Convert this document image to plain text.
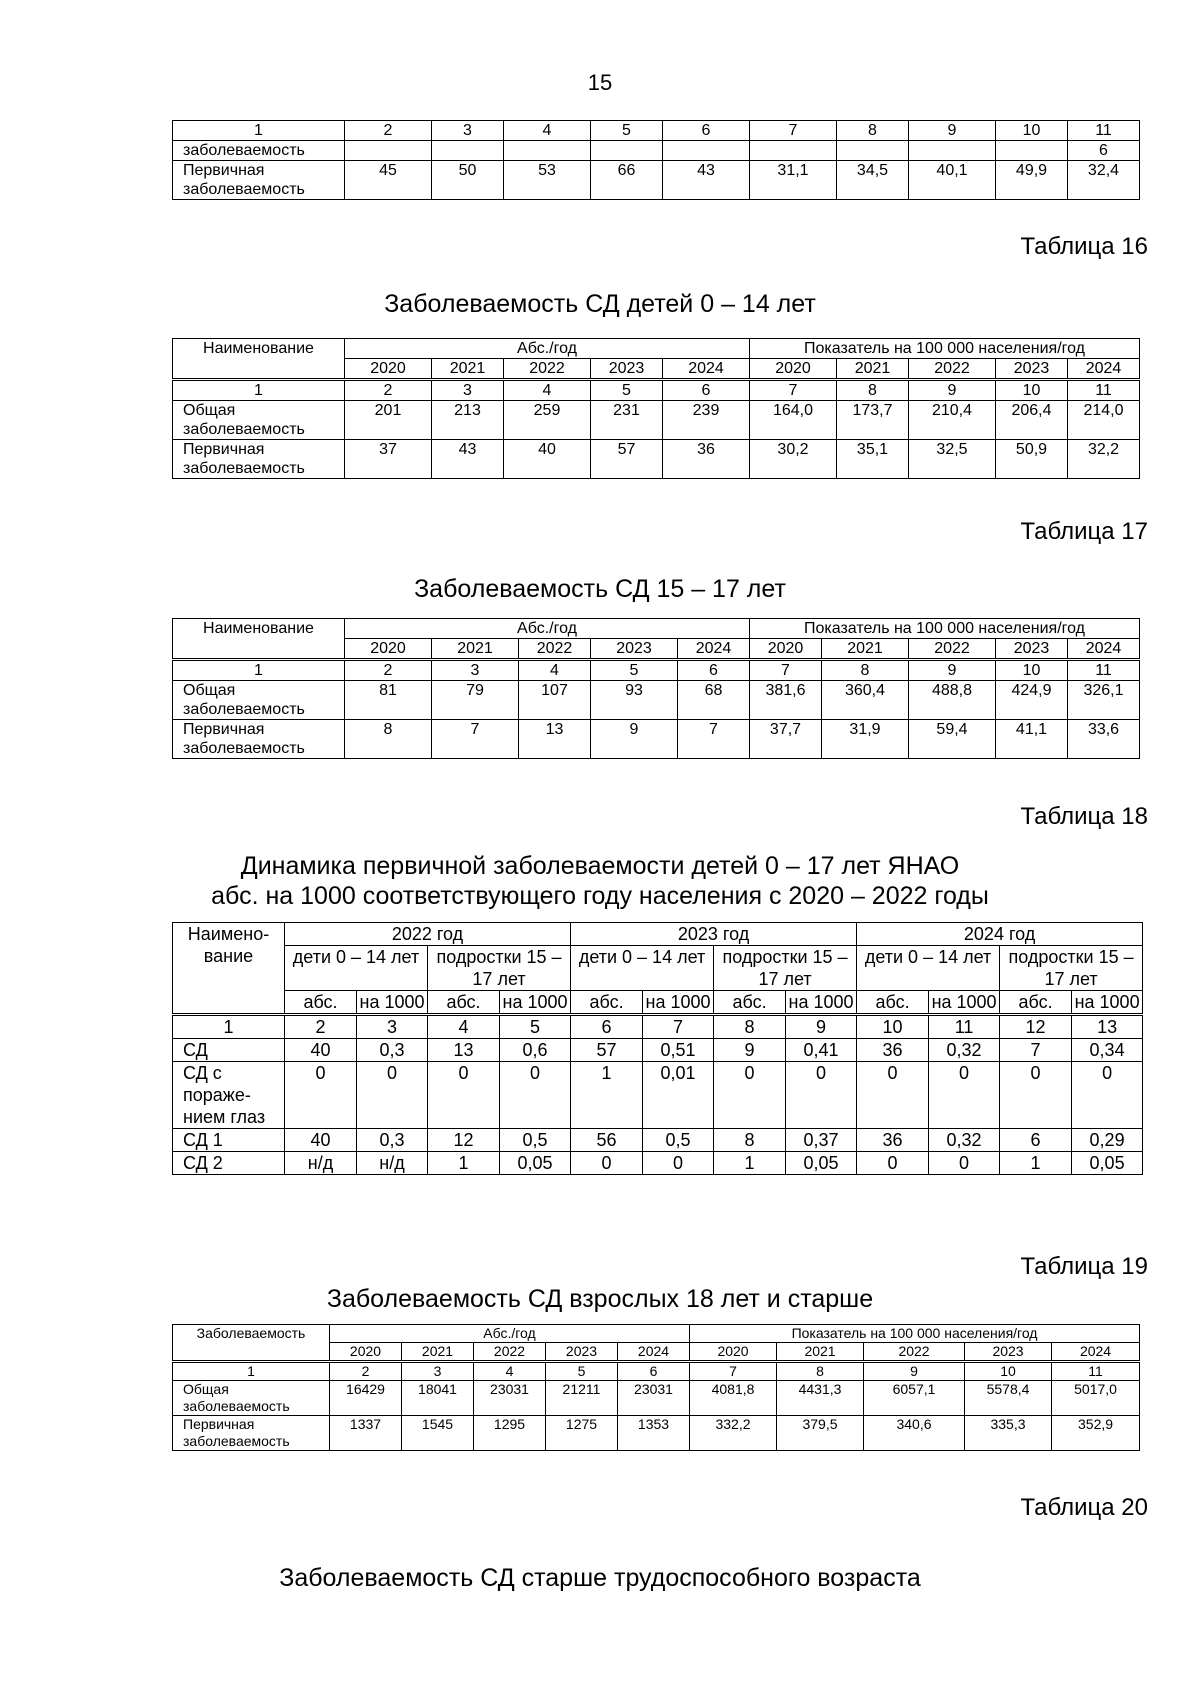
15
1	2	3	4	5	6	7	8	9	10	11
заболеваемость										6
Первичная заболеваемость	45	50	53	66	43	31,1	34,5	40,1	49,9	32,4
Таблица 16
Заболеваемость СД детей 0 – 14 лет
Наименование	Абс./год					Показатель на 100 000 населения/год				
	2020	2021	2022	2023	2024	2020	2021	2022	2023	2024
1	2	3	4	5	6	7	8	9	10	11
Общая заболеваемость	201	213	259	231	239	164,0	173,7	210,4	206,4	214,0
Первичная заболеваемость	37	43	40	57	36	30,2	35,1	32,5	50,9	32,2
Таблица 17
Заболеваемость СД 15 – 17 лет
Наименование	Абс./год					Показатель на 100 000 населения/год				
	2020	2021	2022	2023	2024	2020	2021	2022	2023	2024
1	2	3	4	5	6	7	8	9	10	11
Общая заболеваемость	81	79	107	93	68	381,6	360,4	488,8	424,9	326,1
Первичная заболеваемость	8	7	13	9	7	37,7	31,9	59,4	41,1	33,6
Таблица 18
Динамика первичной заболеваемости детей 0 – 17 лет ЯНАО
абс. на 1000 соответствующего году населения с 2020 – 2022 годы
Наимено-вание	2022 год				2023 год				2024 год			
	дети 0 – 14 лет		подростки 15 – 17 лет		дети 0 – 14 лет		подростки 15 – 17 лет		дети 0 – 14 лет		подростки 15 – 17 лет	
	абс.	на 1000	абс.	на 1000	абс.	на 1000	абс.	на 1000	абс.	на 1000	абс.	на 1000
1	2	3	4	5	6	7	8	9	10	11	12	13
СД	40	0,3	13	0,6	57	0,51	9	0,41	36	0,32	7	0,34
СД с пораже-нием глаз	0	0	0	0	1	0,01	0	0	0	0	0	0
СД 1	40	0,3	12	0,5	56	0,5	8	0,37	36	0,32	6	0,29
СД 2	н/д	н/д	1	0,05	0	0	1	0,05	0	0	1	0,05
Таблица 19
Заболеваемость СД взрослых 18 лет и старше
Заболеваемость	Абс./год					Показатель на 100 000 населения/год				
	2020	2021	2022	2023	2024	2020	2021	2022	2023	2024
1	2	3	4	5	6	7	8	9	10	11
Общая заболеваемость	16429	18041	23031	21211	23031	4081,8	4431,3	6057,1	5578,4	5017,0
Первичная заболеваемость	1337	1545	1295	1275	1353	332,2	379,5	340,6	335,3	352,9
Таблица 20
Заболеваемость СД старше трудоспособного возраста
